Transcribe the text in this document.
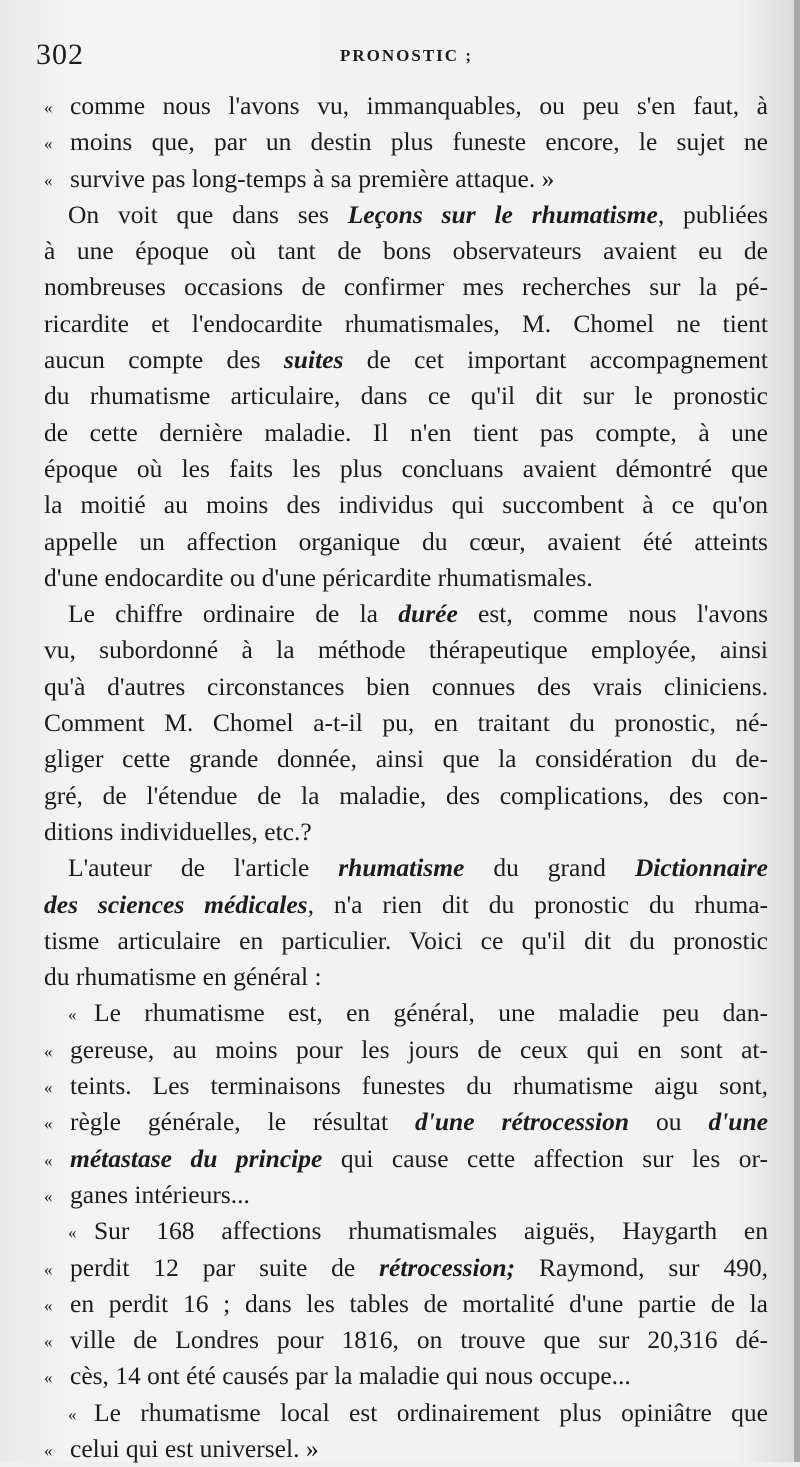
302	PRONOSTIC ;
« comme nous l'avons vu, immanquables, ou peu s'en faut, à
« moins que, par un destin plus funeste encore, le sujet ne
« survive pas long-temps à sa première attaque. »
On voit que dans ses Leçons sur le rhumatisme, publiées
à une époque où tant de bons observateurs avaient eu de
nombreuses occasions de confirmer mes recherches sur la pé-
ricardite et l'endocardite rhumatismales, M. Chomel ne tient
aucun compte des suites de cet important accompagnement
du rhumatisme articulaire, dans ce qu'il dit sur le pronostic
de cette dernière maladie. Il n'en tient pas compte, à une
époque où les faits les plus concluans avaient démontré que
la moitié au moins des individus qui succombent à ce qu'on
appelle un affection organique du cœur, avaient été atteints
d'une endocardite ou d'une péricardite rhumatismales.
Le chiffre ordinaire de la durée est, comme nous l'avons
vu, subordonné à la méthode thérapeutique employée, ainsi
qu'à d'autres circonstances bien connues des vrais cliniciens.
Comment M. Chomel a-t-il pu, en traitant du pronostic, né-
gliger cette grande donnée, ainsi que la considération du de-
gré, de l'étendue de la maladie, des complications, des con-
ditions individuelles, etc.?
L'auteur de l'article rhumatisme du grand Dictionnaire
des sciences médicales, n'a rien dit du pronostic du rhuma-
tisme articulaire en particulier. Voici ce qu'il dit du pronostic
du rhumatisme en général :
« Le rhumatisme est, en général, une maladie peu dan-
« gereuse, au moins pour les jours de ceux qui en sont at-
« teints. Les terminaisons funestes du rhumatisme aigu sont,
« règle générale, le résultat d'une rétrocession ou d'une
« métastase du principe qui cause cette affection sur les or-
« ganes intérieurs...
« Sur 168 affections rhumatismales aiguës, Haygarth en
« perdit 12 par suite de rétrocession; Raymond, sur 490,
« en perdit 16 ; dans les tables de mortalité d'une partie de la
« ville de Londres pour 1816, on trouve que sur 20,316 dé-
« cès, 14 ont été causés par la maladie qui nous occupe...
« Le rhumatisme local est ordinairement plus opiniâtre que
« celui qui est universel. »
